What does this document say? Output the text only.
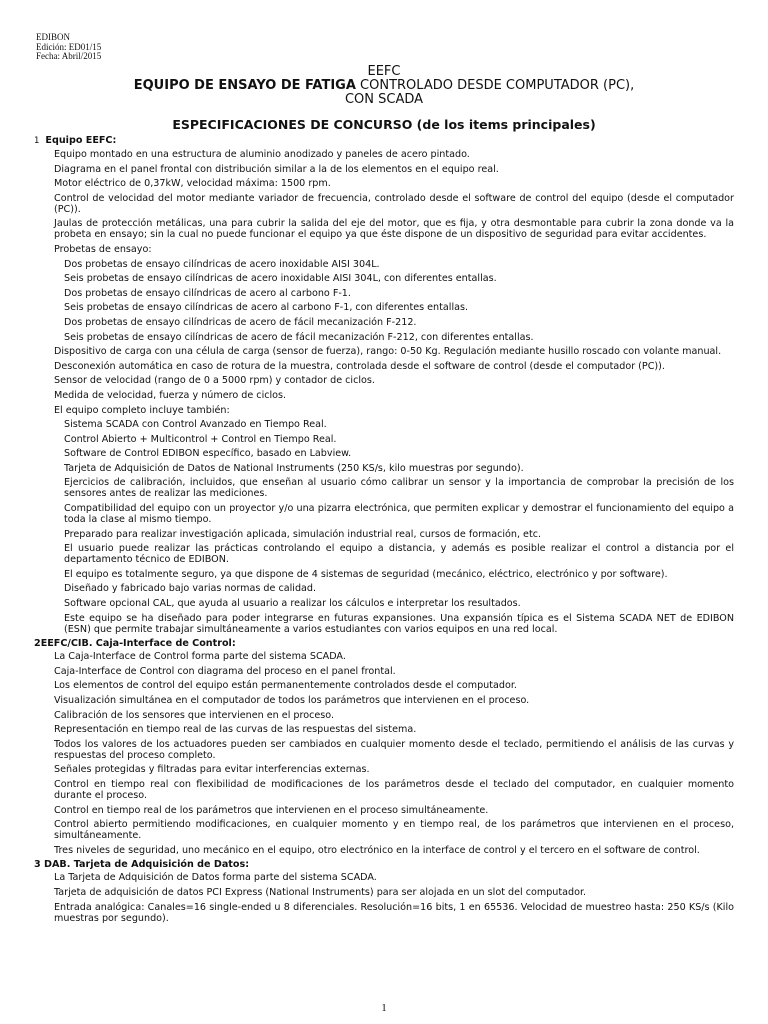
EDIBON
Edición: ED01/15
Fecha: Abril/2015
EEFC
EQUIPO DE ENSAYO DE FATIGA CONTROLADO DESDE COMPUTADOR (PC),
CON SCADA
ESPECIFICACIONES DE CONCURSO (de los items principales)
1 Equipo EEFC:
Equipo montado en una estructura de aluminio anodizado y paneles de acero pintado.
Diagrama en el panel frontal con distribución similar a la de los elementos en el equipo real.
Motor eléctrico de 0,37kW, velocidad máxima: 1500 rpm.
Control de velocidad del motor mediante variador de frecuencia, controlado desde el software de control del equipo (desde el computador (PC)).
Jaulas de protección metálicas, una para cubrir la salida del eje del motor, que es fija, y otra desmontable para cubrir la zona donde va la probeta en ensayo; sin la cual no puede funcionar el equipo ya que éste dispone de un dispositivo de seguridad para evitar accidentes.
Probetas de ensayo:
Dos probetas de ensayo cilíndricas de acero inoxidable AISI 304L.
Seis probetas de ensayo cilíndricas de acero inoxidable AISI 304L, con diferentes entallas.
Dos probetas de ensayo cilíndricas de acero al carbono F-1.
Seis probetas de ensayo cilíndricas de acero al carbono F-1, con diferentes entallas.
Dos probetas de ensayo cilíndricas de acero de fácil mecanización F-212.
Seis probetas de ensayo cilíndricas de acero de fácil mecanización F-212, con diferentes entallas.
Dispositivo de carga con una célula de carga (sensor de fuerza), rango: 0-50 Kg. Regulación mediante husillo roscado con volante manual.
Desconexión automática en caso de rotura de la muestra, controlada desde el software de control (desde el computador (PC)).
Sensor de velocidad (rango de 0 a 5000 rpm) y contador de ciclos.
Medida de velocidad, fuerza y número de ciclos.
El equipo completo incluye también:
Sistema SCADA con Control Avanzado en Tiempo Real.
Control Abierto + Multicontrol + Control en Tiempo Real.
Software de Control EDIBON específico, basado en Labview.
Tarjeta de Adquisición de Datos de National Instruments (250 KS/s, kilo muestras por segundo).
Ejercicios de calibración, incluidos, que enseñan al usuario cómo calibrar un sensor y la importancia de comprobar la precisión de los sensores antes de realizar las mediciones.
Compatibilidad del equipo con un proyector y/o una pizarra electrónica, que permiten explicar y demostrar el funcionamiento del equipo a toda la clase al mismo tiempo.
Preparado para realizar investigación aplicada, simulación industrial real, cursos de formación, etc.
El usuario puede realizar las prácticas controlando el equipo a distancia, y además es posible realizar el control a distancia por el departamento técnico de EDIBON.
El equipo es totalmente seguro, ya que dispone de 4 sistemas de seguridad (mecánico, eléctrico, electrónico y por software).
Diseñado y fabricado bajo varias normas de calidad.
Software opcional CAL, que ayuda al usuario a realizar los cálculos e interpretar los resultados.
Este equipo se ha diseñado para poder integrarse en futuras expansiones. Una expansión típica es el Sistema SCADA NET de EDIBON (ESN) que permite trabajar simultáneamente a varios estudiantes con varios equipos en una red local.
2EEFC/CIB. Caja-Interface de Control:
La Caja-Interface de Control forma parte del sistema SCADA.
Caja-Interface de Control con diagrama del proceso en el panel frontal.
Los elementos de control del equipo están permanentemente controlados desde el computador.
Visualización simultánea en el computador de todos los parámetros que intervienen en el proceso.
Calibración de los sensores que intervienen en el proceso.
Representación en tiempo real de las curvas de las respuestas del sistema.
Todos los valores de los actuadores pueden ser cambiados en cualquier momento desde el teclado, permitiendo el análisis de las curvas y respuestas del proceso completo.
Señales protegidas y filtradas para evitar interferencias externas.
Control en tiempo real con flexibilidad de modificaciones de los parámetros desde el teclado del computador, en cualquier momento durante el proceso.
Control en tiempo real de los parámetros que intervienen en el proceso simultáneamente.
Control abierto permitiendo modificaciones, en cualquier momento y en tiempo real, de los parámetros que intervienen en el proceso, simultáneamente.
Tres niveles de seguridad, uno mecánico en el equipo, otro electrónico en la interface de control y el tercero en el software de control.
3 DAB. Tarjeta de Adquisición de Datos:
La Tarjeta de Adquisición de Datos forma parte del sistema SCADA.
Tarjeta de adquisición de datos PCI Express (National Instruments) para ser alojada en un slot del computador.
Entrada analógica: Canales=16 single-ended u 8 diferenciales. Resolución=16 bits, 1 en 65536. Velocidad de muestreo hasta: 250 KS/s (Kilo muestras por segundo).
1
